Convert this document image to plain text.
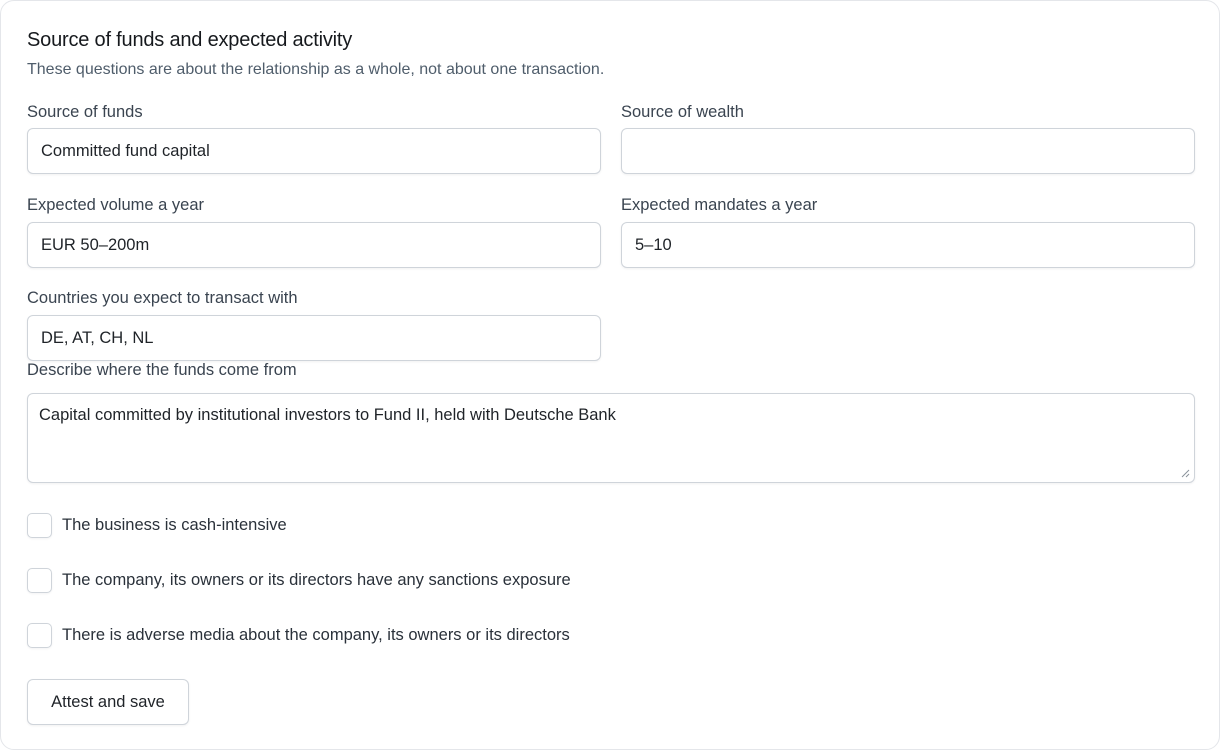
Source of funds and expected activity
These questions are about the relationship as a whole, not about one transaction.
Source of funds
Committed fund capital
Source of wealth
Expected volume a year
EUR 50–200m
Expected mandates a year
5–10
Countries you expect to transact with
DE, AT, CH, NL
Describe where the funds come from
Capital committed by institutional investors to Fund II, held with Deutsche Bank
The business is cash-intensive
The company, its owners or its directors have any sanctions exposure
There is adverse media about the company, its owners or its directors
Attest and save
